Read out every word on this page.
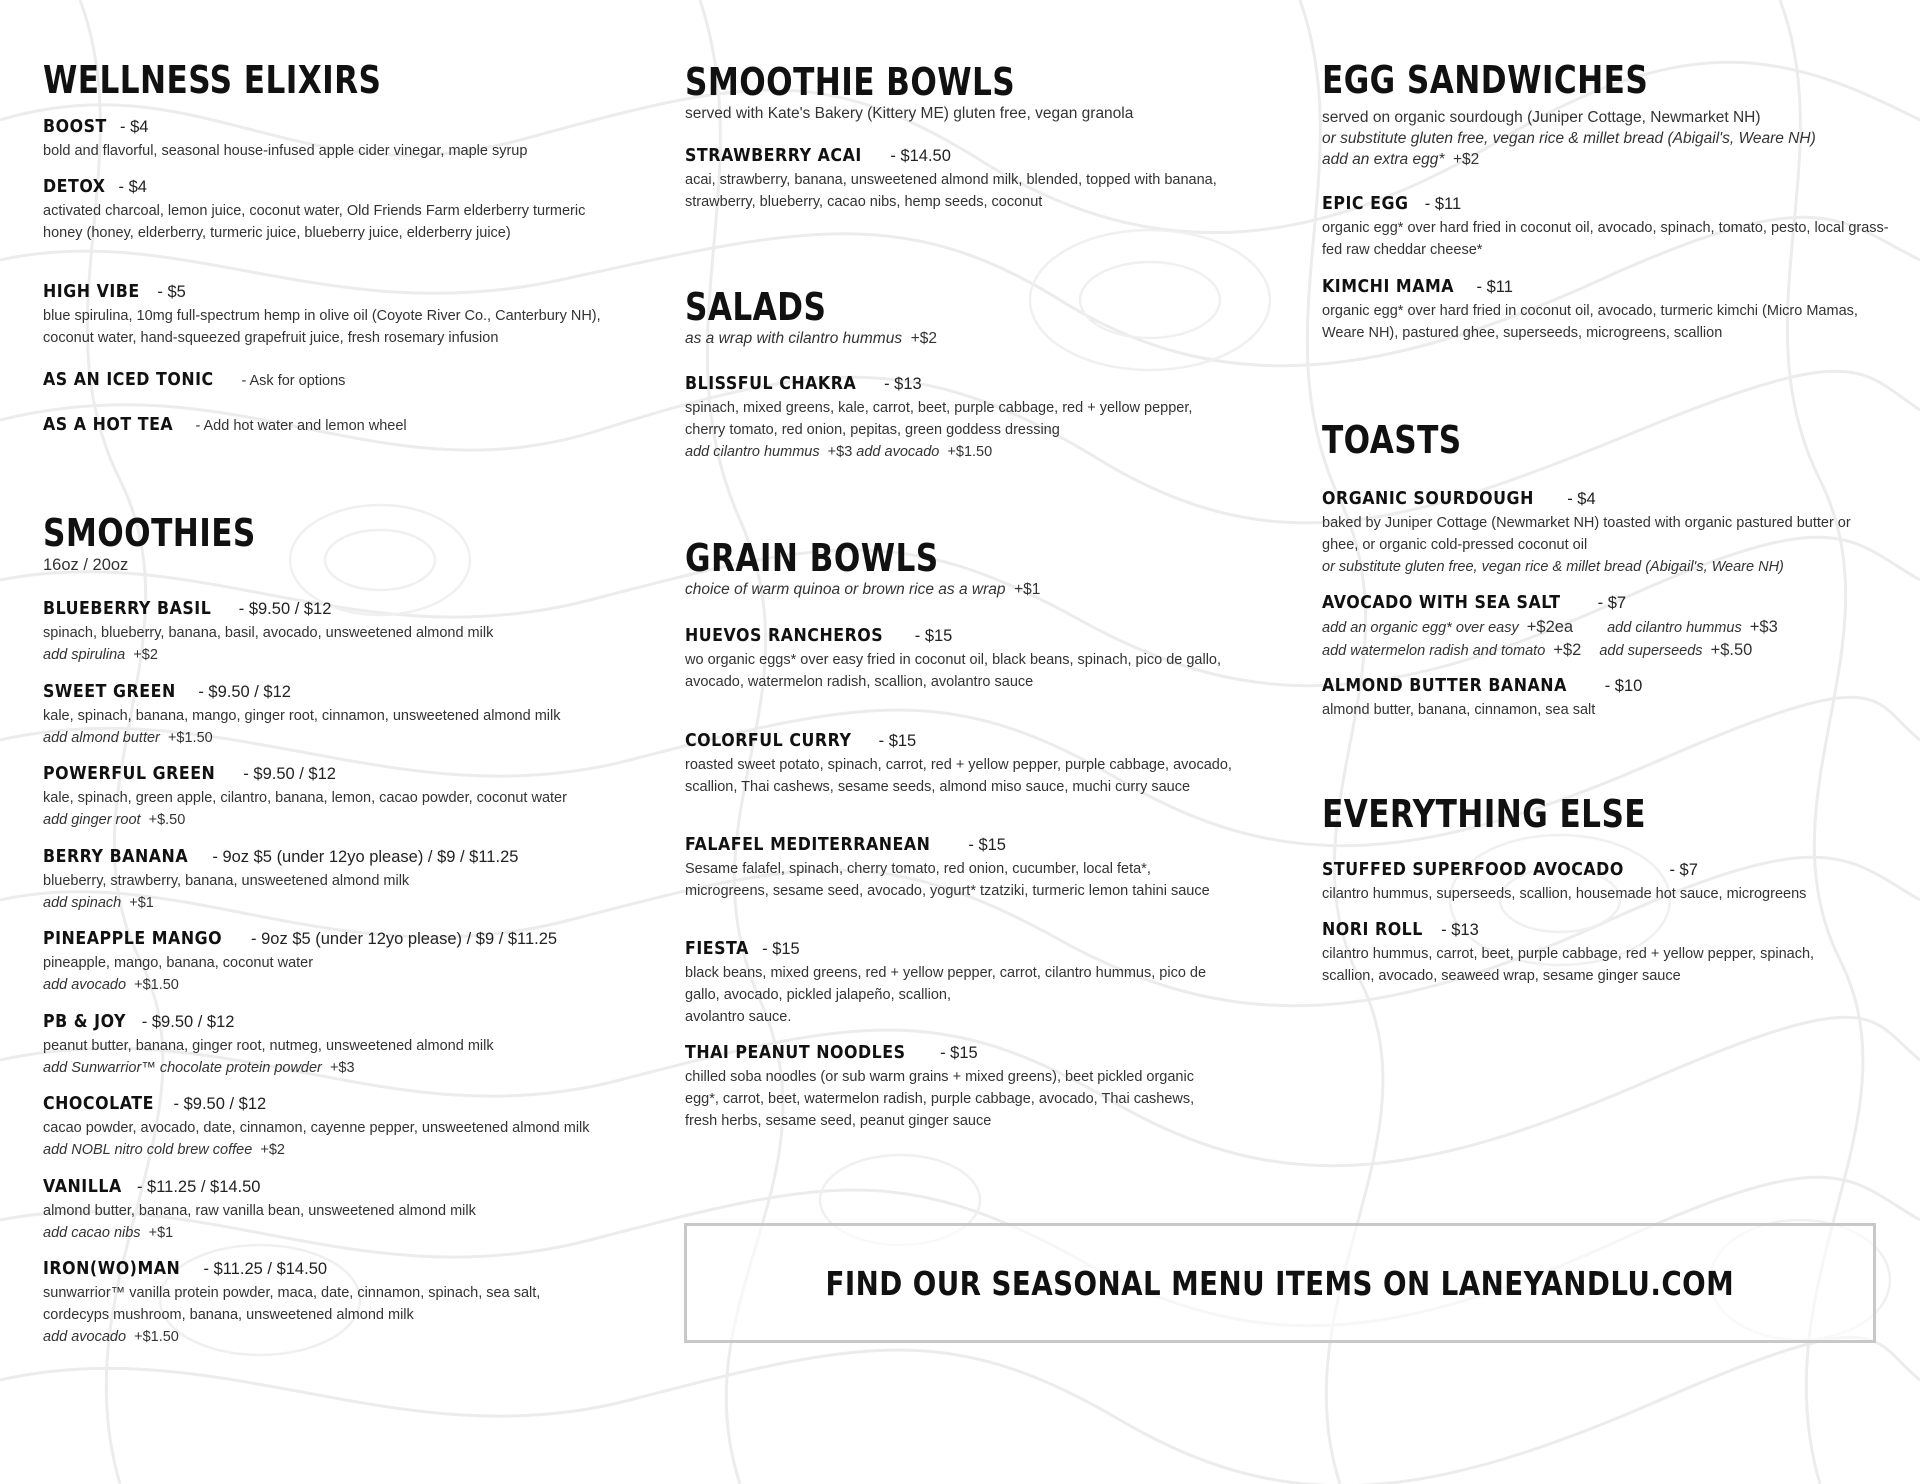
WELLNESS ELIXIRS
BOOST - $4
bold and flavorful, seasonal house-infused apple cider vinegar, maple syrup
DETOX - $4
activated charcoal, lemon juice, coconut water, Old Friends Farm elderberry turmeric honey (honey, elderberry, turmeric juice, blueberry juice, elderberry juice)
HIGH VIBE - $5
blue spirulina, 10mg full-spectrum hemp in olive oil (Coyote River Co., Canterbury NH), coconut water, hand-squeezed grapefruit juice, fresh rosemary infusion
AS AN ICED TONIC - Ask for options
AS A HOT TEA - Add hot water and lemon wheel
SMOOTHIES
16oz / 20oz
BLUEBERRY BASIL - $9.50 / $12
spinach, blueberry, banana, basil, avocado, unsweetened almond milk
add spirulina +$2
SWEET GREEN - $9.50 / $12
kale, spinach, banana, mango, ginger root, cinnamon, unsweetened almond milk
add almond butter +$1.50
POWERFUL GREEN - $9.50 / $12
kale, spinach, green apple, cilantro, banana, lemon, cacao powder, coconut water
add ginger root +$.50
BERRY BANANA - 9oz $5 (under 12yo please) / $9 / $11.25
blueberry, strawberry, banana, unsweetened almond milk
add spinach +$1
PINEAPPLE MANGO - 9oz $5 (under 12yo please) / $9 / $11.25
pineapple, mango, banana, coconut water
add avocado +$1.50
PB & JOY - $9.50 / $12
peanut butter, banana, ginger root, nutmeg, unsweetened almond milk
add Sunwarrior™ chocolate protein powder +$3
CHOCOLATE - $9.50 / $12
cacao powder, avocado, date, cinnamon, cayenne pepper, unsweetened almond milk
add NOBL nitro cold brew coffee +$2
VANILLA - $11.25 / $14.50
almond butter, banana, raw vanilla bean, unsweetened almond milk
add cacao nibs +$1
IRON(WO)MAN - $11.25 / $14.50
sunwarrior™ vanilla protein powder, maca, date, cinnamon, spinach, sea salt, cordecyps mushroom, banana, unsweetened almond milk
add avocado +$1.50
SMOOTHIE BOWLS
served with Kate's Bakery (Kittery ME) gluten free, vegan granola
STRAWBERRY ACAI - $14.50
acai, strawberry, banana, unsweetened almond milk, blended, topped with banana, strawberry, blueberry, cacao nibs, hemp seeds, coconut
SALADS
as a wrap with cilantro hummus +$2
BLISSFUL CHAKRA - $13
spinach, mixed greens, kale, carrot, beet, purple cabbage, red + yellow pepper, cherry tomato, red onion, pepitas, green goddess dressing
add cilantro hummus +$3 add avocado +$1.50
GRAIN BOWLS
choice of warm quinoa or brown rice as a wrap +$1
HUEVOS RANCHEROS - $15
wo organic eggs* over easy fried in coconut oil, black beans, spinach, pico de gallo, avocado, watermelon radish, scallion, avolantro sauce
COLORFUL CURRY - $15
roasted sweet potato, spinach, carrot, red + yellow pepper, purple cabbage, avocado, scallion, Thai cashews, sesame seeds, almond miso sauce, muchi curry sauce
FALAFEL MEDITERRANEAN - $15
Sesame falafel, spinach, cherry tomato, red onion, cucumber, local feta*, microgreens, sesame seed, avocado, yogurt* tzatziki, turmeric lemon tahini sauce
FIESTA - $15
black beans, mixed greens, red + yellow pepper, carrot, cilantro hummus, pico de gallo, avocado, pickled jalapeño, scallion,
avolantro sauce.
THAI PEANUT NOODLES - $15
chilled soba noodles (or sub warm grains + mixed greens), beet pickled organic egg*, carrot, beet, watermelon radish, purple cabbage, avocado, Thai cashews, fresh herbs, sesame seed, peanut ginger sauce
EGG SANDWICHES
served on organic sourdough (Juniper Cottage, Newmarket NH)
or substitute gluten free, vegan rice & millet bread (Abigail's, Weare NH)
add an extra egg* +$2
EPIC EGG - $11
organic egg* over hard fried in coconut oil, avocado, spinach, tomato, pesto, local grass-fed raw cheddar cheese*
KIMCHI MAMA - $11
organic egg* over hard fried in coconut oil, avocado, turmeric kimchi (Micro Mamas, Weare NH), pastured ghee, superseeds, microgreens, scallion
TOASTS
ORGANIC SOURDOUGH - $4
baked by Juniper Cottage (Newmarket NH) toasted with organic pastured butter or ghee, or organic cold-pressed coconut oil
or substitute gluten free, vegan rice & millet bread (Abigail's, Weare NH)
AVOCADO WITH SEA SALT - $7
add an organic egg* over easy +$2ea add cilantro hummus +$3
add watermelon radish and tomato +$2 add superseeds +$.50
ALMOND BUTTER BANANA - $10
almond butter, banana, cinnamon, sea salt
EVERYTHING ELSE
STUFFED SUPERFOOD AVOCADO	- $7
cilantro hummus, superseeds, scallion, housemade hot sauce, microgreens
NORI ROLL - $13
cilantro hummus, carrot, beet, purple cabbage, red + yellow pepper, spinach, scallion, avocado, seaweed wrap, sesame ginger sauce
FIND OUR SEASONAL MENU ITEMS ON LANEYANDLU.COM
